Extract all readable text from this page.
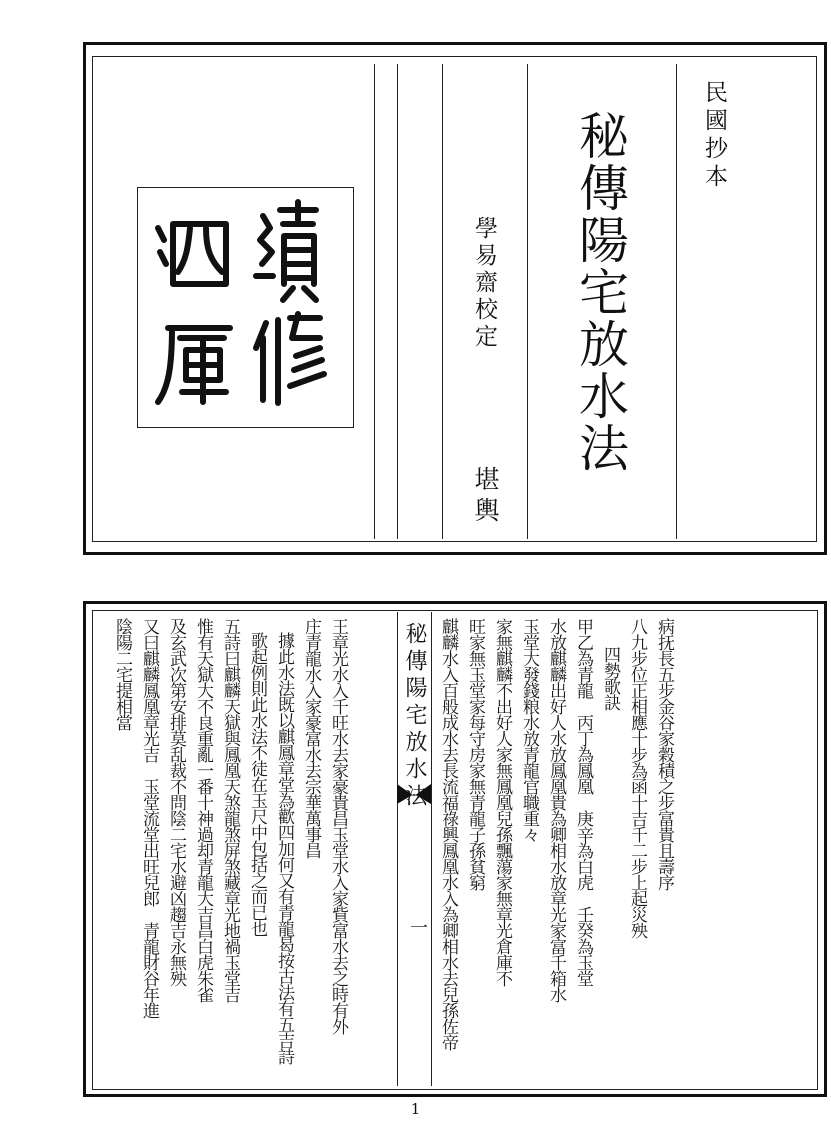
學易齋校定
堪輿
秘傳陽宅放水法	民國抄本
秘傳陽宅放水法
一
病抚長五步金谷家穀積之步富貴且壽序
八九步位正相應十步為函十吉千二步上起災殃
四勢歌訣
甲乙為青龍　丙丁為鳳凰　庚辛為白虎　壬癸為玉堂
水放麒麟出好人水放鳳凰貴為卿相水放章光家富千箱水
玉堂大發錢粮水放青龍官職重々
家無麒麟不出好人家無鳳凰兒孫飄蕩家無章光倉庫不
旺家無玉堂家每守房家無青龍子孫貧窮
麒麟水入百般成水去長流福祿興鳳凰水入為卿相水去兒孫佐帝
王章光水入千旺水去家豪貴昌玉堂水入家貲富水去之時有外
庄青龍水入家豪富水去宗華萬事昌
據此水法既以麒鳳章堂為歡四加何又有青龍曷按古法有五吉詩
歌起例則此水法不徒在玉尺中包括之而已也
五詩曰麒麟天獄與鳳凰天煞龍煞屏煞藏章光地禍玉堂吉
惟有天獄大不良重亂一番十神過却青龍大吉昌白虎朱雀
及玄武次第安排莫乱裁不問陰二宅水避凶趨吉永無殃
又曰麒麟鳳凰章光吉　玉堂流堂出旺兒郎　青龍財谷年進
陰陽二宅提相當
1
